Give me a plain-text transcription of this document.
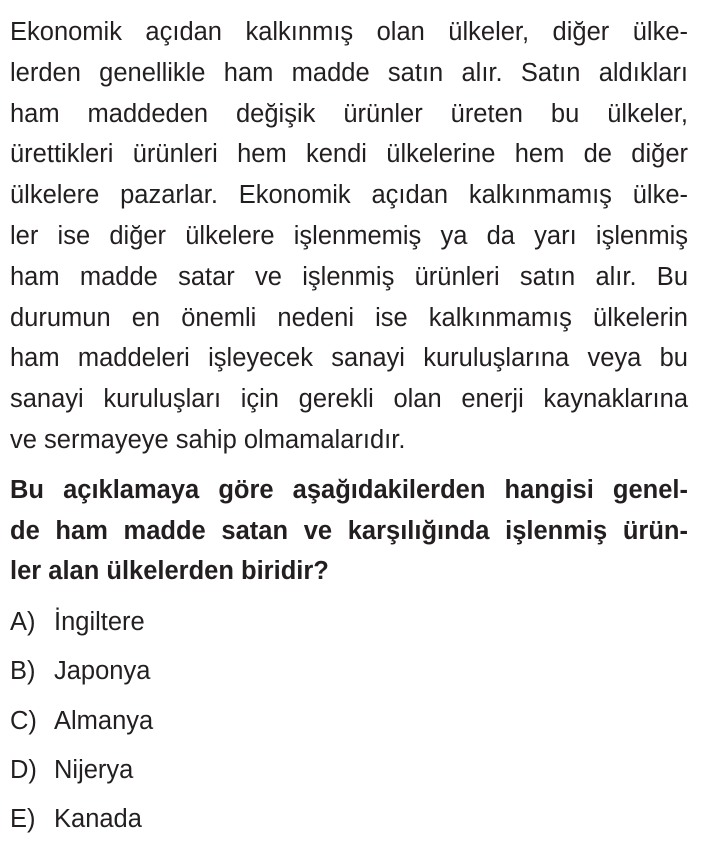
Ekonomik açıdan kalkınmış olan ülkeler, diğer ülke-
lerden genellikle ham madde satın alır. Satın aldıkları
ham maddeden değişik ürünler üreten bu ülkeler,
ürettikleri ürünleri hem kendi ülkelerine hem de diğer
ülkelere pazarlar. Ekonomik açıdan kalkınmamış ülke-
ler ise diğer ülkelere işlenmemiş ya da yarı işlenmiş
ham madde satar ve işlenmiş ürünleri satın alır. Bu
durumun en önemli nedeni ise kalkınmamış ülkelerin
ham maddeleri işleyecek sanayi kuruluşlarına veya bu
sanayi kuruluşları için gerekli olan enerji kaynaklarına
ve sermayeye sahip olmamalarıdır.
Bu açıklamaya göre aşağıdakilerden hangisi genel-
de ham madde satan ve karşılığında işlenmiş ürün-
ler alan ülkelerden biridir?
A) İngiltere
B) Japonya
C) Almanya
D) Nijerya
E) Kanada
